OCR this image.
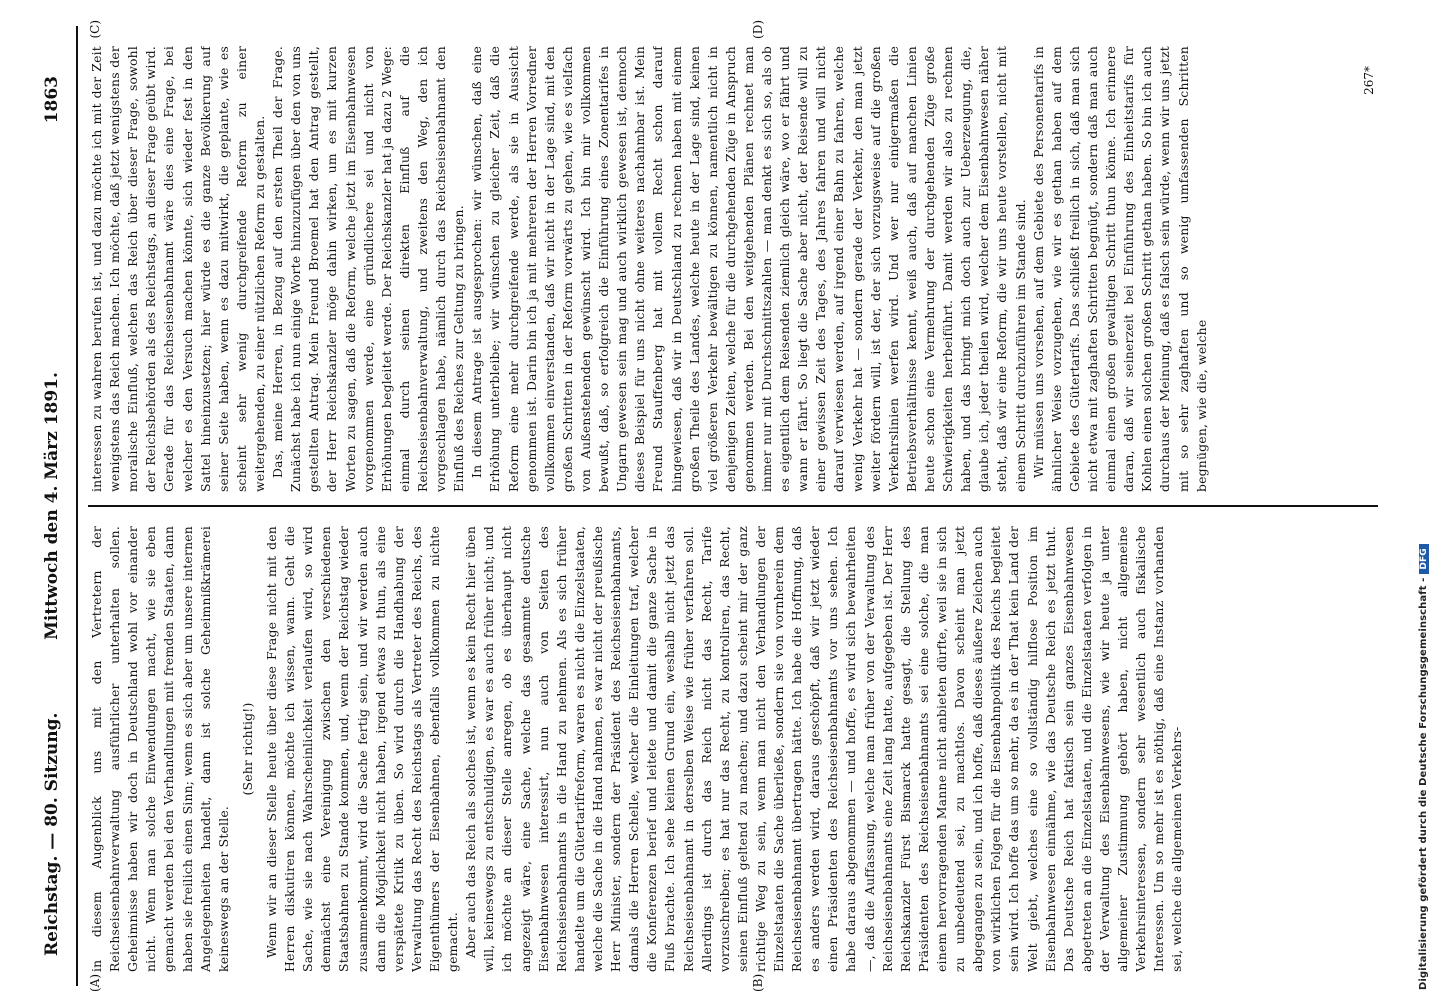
Reichstag. — 80. Sitzung.
Mittwoch den 4. März 1891.
1863
(A)	(B)
(C)	(D)

in diesem Augenblick uns mit den Vertretern der Reichseisenbahnverwaltung ausführlicher unterhalten sollen. Geheimnisse haben wir doch in Deutschland wohl vor einander nicht. Wenn man solche Einwendungen macht, wie sie eben gemacht werden bei den Verhandlungen mit fremden Staaten, dann haben sie freilich einen Sinn; wenn es sich aber um unsere internen Angelegenheiten handelt, dann ist solche Geheimnißkrämerei keineswegs an der Stelle.

(Sehr richtig!) Wenn wir an dieser Stelle heute über diese Frage nicht mit den Herren diskutiren können, möchte ich wissen, wann. Geht die Sache, wie sie nach Wahrscheinlichkeit verlaufen wird, so wird demnächst eine Vereinigung zwischen den verschiedenen Staatsbahnen zu Stande kommen, und, wenn der Reichstag wieder zusammenkommt, wird die Sache fertig sein, und wir werden auch dann die Möglichkeit nicht haben, irgend etwas zu thun, als eine verspätete Kritik zu üben. So wird durch die Handhabung der Verwaltung das Recht des Reichstags als Vertreter des Reichs, des Eigenthümers der Eisenbahnen, ebenfalls vollkommen zu nichte gemacht. Aber auch das Reich als solches ist, wenn es kein Recht hier üben will, keineswegs zu entschuldigen, es war es auch früher nicht; und ich möchte an dieser Stelle anregen, ob es überhaupt nicht angezeigt wäre, eine Sache, welche das gesammte deutsche Eisenbahnwesen interessirt, nun auch von Seiten des Reichseisenbahnamts in die Hand zu nehmen. Als es sich früher handelte um die Gütertarifreform, waren es nicht die Einzelstaaten, welche die Sache in die Hand nahmen, es war nicht der preußische Herr Minister, sondern der Präsident des Reichseisenbahnamts, damals die Herren Schelle, welcher die Einleitungen traf, welcher die Konferenzen berief und leitete und damit die ganze Sache in Fluß brachte. Ich sehe keinen Grund ein, weshalb nicht jetzt das Reichseisenbahnamt in derselben Weise wie früher verfahren soll. Allerdings ist durch das Reich nicht das Recht, Tarife vorzuschreiben; es hat nur das Recht, zu kontroliren, das Recht, seinen Einfluß geltend zu machen; und dazu scheint mir der ganz richtige Weg zu sein, wenn man nicht den Verhandlungen der Einzelstaaten die Sache überließe, sondern sie von vornherein dem Reichseisenbahnamt übertragen hätte. Ich habe die Hoffnung, daß es anders werden wird, daraus geschöpft, daß wir jetzt wieder einen Präsidenten des Reichseisenbahnamts vor uns sehen. Ich habe daraus abgenommen — und hoffe, es wird sich bewahrheiten —, daß die Auffassung, welche man früher von der Verwaltung des Reichseisenbahnamts eine Zeit lang hatte, aufgegeben ist. Der Herr Reichskanzler Fürst Bismarck hatte gesagt, die Stellung des Präsidenten des Reichseisenbahnamts sei eine solche, die man einem hervorragenden Manne nicht anbieten dürfte, weil sie in sich zu unbedeutend sei, zu machtlos. Davon scheint man jetzt abgegangen zu sein, und ich hoffe, daß dieses äußere Zeichen auch von wirklichen Folgen für die Eisenbahnpolitik des Reichs begleitet sein wird. Ich hoffe das um so mehr, da es in der That kein Land der Welt giebt, welches eine so vollständig hilflose Position im Eisenbahnwesen einnähme, wie das Deutsche Reich es jetzt thut. Das Deutsche Reich hat faktisch sein ganzes Eisenbahnwesen abgetreten an die Einzelstaaten, und die Einzelstaaten verfolgen in der Verwaltung des Eisenbahnwesens, wie wir heute ja unter allgemeiner Zustimmung gehört haben, nicht allgemeine Verkehrsinteressen, sondern sehr wesentlich auch fiskalische Interessen. Um so mehr ist es nöthig, daß eine Instanz vorhanden sei, welche die allgemeinen Verkehrs-

interessen zu wahren berufen ist, und dazu möchte ich mit der Zeit wenigstens das Reich machen. Ich möchte, daß jetzt wenigstens der moralische Einfluß, welchen das Reich über dieser Frage, sowohl der Reichsbehörden als des Reichstags, an dieser Frage geübt wird. Gerade für das Reichseisenbahnamt wäre dies eine Frage, bei welcher es den Versuch machen könnte, sich wieder fest in den Sattel hineinzusetzen; hier würde es die ganze Bevölkerung auf seiner Seite haben, wenn es dazu mitwirkt, die geplante, wie es scheint sehr wenig durchgreifende Reform zu einer weitergehenden, zu einer nützlichen Reform zu gestalten. Das, meine Herren, in Bezug auf den ersten Theil der Frage. Zunächst habe ich nun einige Worte hinzuzufügen über den von uns gestellten Antrag. Mein Freund Broemel hat den Antrag gestellt, der Herr Reichskanzler möge dahin wirken, um es mit kurzen Worten zu sagen, daß die Reform, welche jetzt im Eisenbahnwesen vorgenommen werde, eine gründlichere sei und nicht von Erhöhungen begleitet werde. Der Reichskanzler hat ja dazu 2 Wege: einmal durch seinen direkten Einfluß auf die Reichseisenbahnverwaltung, und zweitens den Weg, den ich vorgeschlagen habe, nämlich durch das Reichseisenbahnamt den Einfluß des Reiches zur Geltung zu bringen. In diesem Antrage ist ausgesprochen: wir wünschen, daß eine Erhöhung unterbleibe; wir wünschen zu gleicher Zeit, daß die Reform eine mehr durchgreifende werde, als sie in Aussicht genommen ist. Darin bin ich ja mit mehreren der Herren Vorredner vollkommen einverstanden, daß wir nicht in der Lage sind, mit den großen Schritten in der Reform vorwärts zu gehen, wie es vielfach von Außenstehenden gewünscht wird. Ich bin mir vollkommen bewußt, daß, so erfolgreich die Einführung eines Zonentarifes in Ungarn gewesen sein mag und auch wirklich gewesen ist, dennoch dieses Beispiel für uns nicht ohne weiteres nachahmbar ist. Mein Freund Stauffenberg hat mit vollem Recht schon darauf hingewiesen, daß wir in Deutschland zu rechnen haben mit einem großen Theile des Landes, welche heute in der Lage sind, keinen viel größeren Verkehr bewältigen zu können, namentlich nicht in denjenigen Zeiten, welche für die durchgehenden Züge in Anspruch genommen werden. Bei den weitgehenden Plänen rechnet man immer nur mit Durchschnittszahlen — man denkt es sich so, als ob es eigentlich dem Reisenden ziemlich gleich wäre, wo er fährt und wann er fährt. So liegt die Sache aber nicht, der Reisende will zu einer gewissen Zeit des Tages, des Jahres fahren und will nicht darauf verwiesen werden, auf irgend einer Bahn zu fahren, welche wenig Verkehr hat — sondern gerade der Verkehr, den man jetzt weiter fördern will, ist der, der sich vorzugsweise auf die großen Verkehrslinien werfen wird. Und wer nur einigermaßen die Betriebsverhältnisse kennt, weiß auch, daß auf manchen Linien heute schon eine Vermehrung der durchgehenden Züge große Schwierigkeiten herbeiführt. Damit werden wir also zu rechnen haben, und das bringt mich doch auch zur Ueberzeugung, die, glaube ich, jeder theilen wird, welcher dem Eisenbahnwesen näher steht, daß wir eine Reform, die wir uns heute vorstellen, nicht mit einem Schritt durchzuführen im Stande sind. Wir müssen uns vorsehen, auf dem Gebiete des Personentarifs in ähnlicher Weise vorzugehen, wie wir es gethan haben auf dem Gebiete des Gütertarifs. Das schließt freilich in sich, daß man sich nicht etwa mit zaghaften Schritten begnügt, sondern daß man auch einmal einen großen gewaltigen Schritt thun könne. Ich erinnere daran, daß wir seinerzeit bei Einführung des Einheitstarifs für Kohlen einen solchen großen Schritt gethan haben. So bin ich auch durchaus der Meinung, daß es falsch sein würde, wenn wir uns jetzt mit so sehr zaghaften und so wenig umfassenden Schritten begnügen, wie die, welche

267*
Digitalisierung gefördert durch die Deutsche Forschungsgemeinschaft -DFG
